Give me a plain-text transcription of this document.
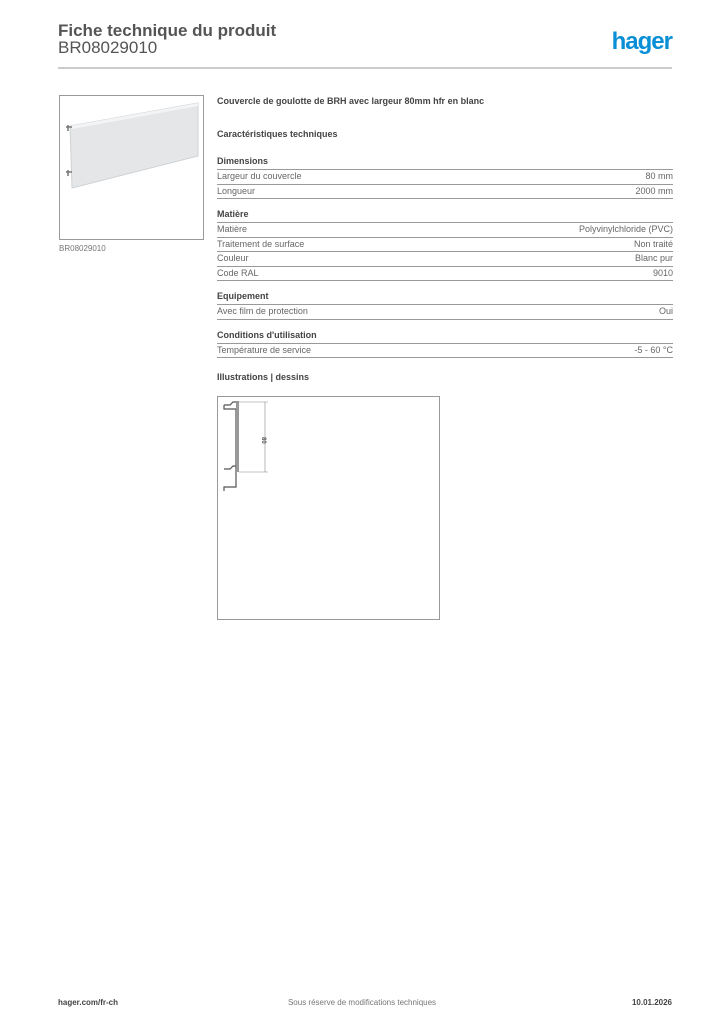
Fiche technique du produit
BR08029010	hager
BR08029010
Couvercle de goulotte de BRH avec largeur 80mm hfr en blanc
Caractéristiques techniques
Dimensions
Largeur du couvercle	80 mm
Longueur	2000 mm
Matière
Matière	Polyvinylchloride (PVC)
Traitement de surface	Non traité
Couleur	Blanc pur
Code RAL	9010
Equipement
Avec film de protection	Oui
Conditions d'utilisation
Température de service	-5 - 60 °C
Illustrations | dessins
80
hager.com/fr-ch	Sous réserve de modifications techniques	10.01.2026
